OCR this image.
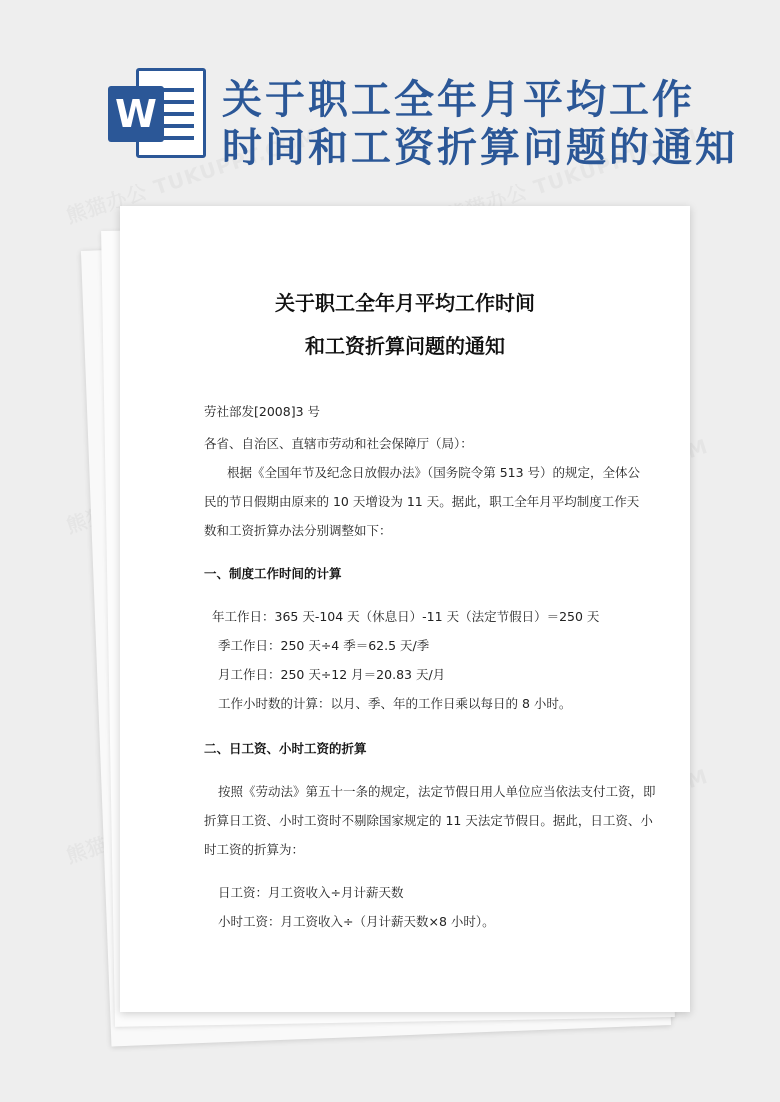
W 关于职工全年月平均工作
时间和工资折算问题的通知
关于职工全年月平均工作时间
和工资折算问题的通知

劳社部发[2008]3 号

各省、自治区、直辖市劳动和社会保障厅（局）：

根据《全国年节及纪念日放假办法》（国务院令第 513 号）的规定，全体公

民的节日假期由原来的 10 天增设为 11 天。据此，职工全年月平均制度工作天

数和工资折算办法分别调整如下：

一、制度工作时间的计算

年工作日：365 天-104 天（休息日）-11 天（法定节假日）＝250 天

季工作日：250 天÷4 季＝62.5 天/季

月工作日：250 天÷12 月＝20.83 天/月

工作小时数的计算：以月、季、年的工作日乘以每日的 8 小时。

二、日工资、小时工资的折算

按照《劳动法》第五十一条的规定，法定节假日用人单位应当依法支付工资，即

折算日工资、小时工资时不剔除国家规定的 11 天法定节假日。据此，日工资、小

时工资的折算为：

日工资：月工资收入÷月计薪天数

小时工资：月工资收入÷（月计薪天数×8 小时）。
